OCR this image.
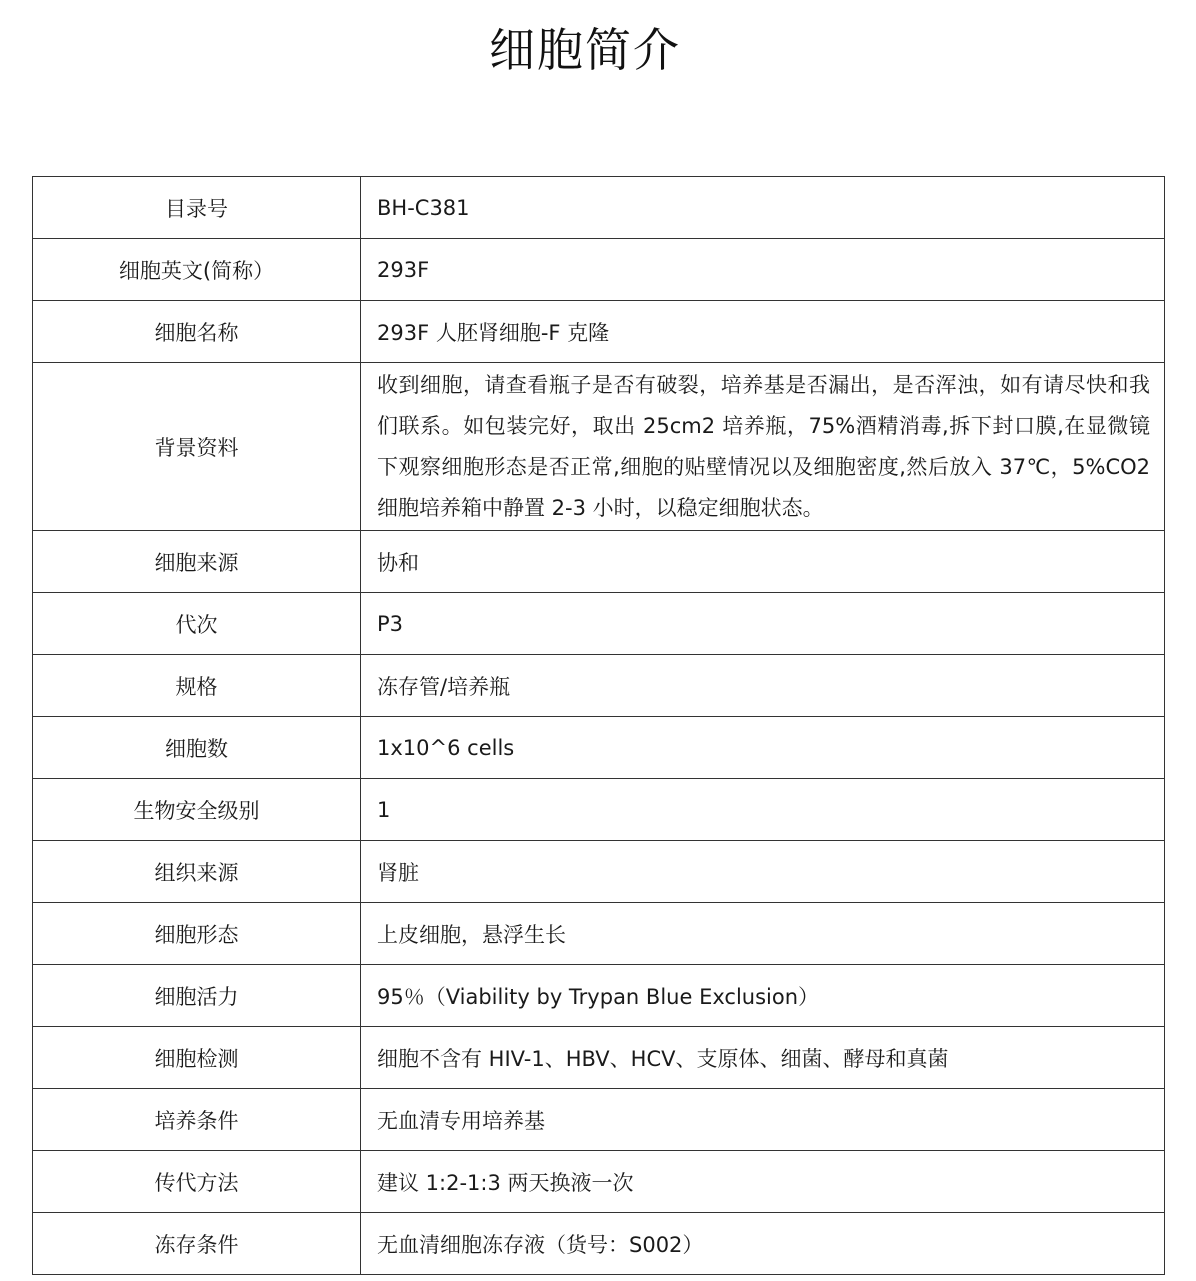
细胞简介
目录号	BH-C381
细胞英文(简称）	293F
细胞名称	293F 人胚肾细胞-F 克隆
背景资料	收到细胞，请查看瓶子是否有破裂，培养基是否漏出，是否浑浊，如有请尽快和我们联系。如包装完好，取出 25cm2 培养瓶，75%酒精消毒,拆下封口膜,在显微镜下观察细胞形态是否正常,细胞的贴壁情况以及细胞密度,然后放入 37℃，5%CO2 细胞培养箱中静置 2-3 小时，以稳定细胞状态。
细胞来源	协和
代次	P3
规格	冻存管/培养瓶
细胞数	1x10^6 cells
生物安全级别	1
组织来源	肾脏
细胞形态	上皮细胞，悬浮生长
细胞活力	95％（Viability by Trypan Blue Exclusion）
细胞检测	细胞不含有 HIV-1、HBV、HCV、支原体、细菌、酵母和真菌
培养条件	无血清专用培养基
传代方法	建议 1:2-1:3 两天换液一次
冻存条件	无血清细胞冻存液（货号：S002）
